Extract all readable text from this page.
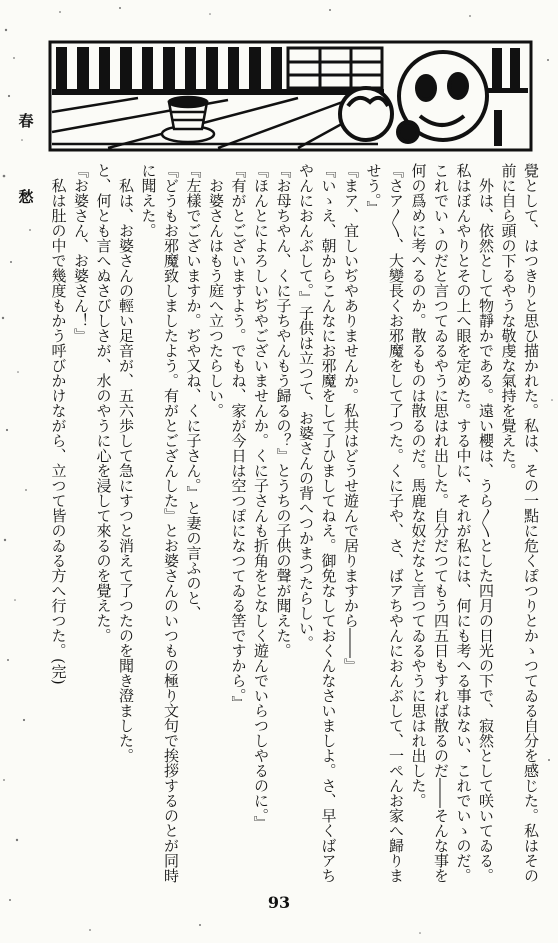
春
愁	覺として、はつきりと思ひ描かれた。私は、その一點に危くぽつりとかゝつてゐる自分を感じた。私はその
前に自ら頭の下るやうな敬虔な氣持を覺えた。
外は、依然として物靜かである。遠い櫻は、うら〳〵とした四月の日光の下で、寂然として咲いてゐる。
私はぼんやりとその上へ眼を定めた。する中に、それが私には、何にも考へる事はない、これでいゝのだ。
これでいゝのだと言つてゐるやうに思はれ出した。自分だつてもう四五日もすれば散るのだ――そんな事を
何の爲めに考へるのか。散るものは散るのだ。馬鹿な奴だなと言つてゐるやうに思はれ出した。
『さア〳〵、大變長くお邪魔をして了つた。くに子や、さ、ばアちやんにおんぶして、一ぺんお家へ歸りま
せう。』
『まア、宜しいぢやありませんか。私共はどうせ遊んで居りますから――』
『いゝえ、朝からこんなにお邪魔をして了ひましてねえ。御免なしておくんなさいましよ。さ、早くばアち
やんにおんぶして。』子供は立つて、お婆さんの背へつかまつたらしい。
『お母ちやん、くに子ちやんもう歸るの？』とうちの子供の聲が聞えた。
『ほんとによろしいぢやございませんか。くに子さんも折角をとなしく遊んでいらつしやるのに。』
『有がとございますよう。でもね、家が今日は空つぽになつてゐる筈ですから。』
お婆さんはもう庭へ立つたらしい。
『左樣でございますか。ぢや又ね、くに子さん。』と妻の言ふのと、
『どうもお邪魔致しましたよう。有がとござんした』とお婆さんのいつもの極り文句で挨拶するのとが同時
に聞えた。
私は、お婆さんの輕い足音が、五六歩して急にすつと消えて了つたのを聞き澄ました。
と、何とも言へぬさびしさが、水のやうに心を浸して來るのを覺えた。
『お婆さん、お婆さん！』
私は肚の中で幾度もかう呼びかけながら、立つて皆のゐる方へ行つた。(完)
93
